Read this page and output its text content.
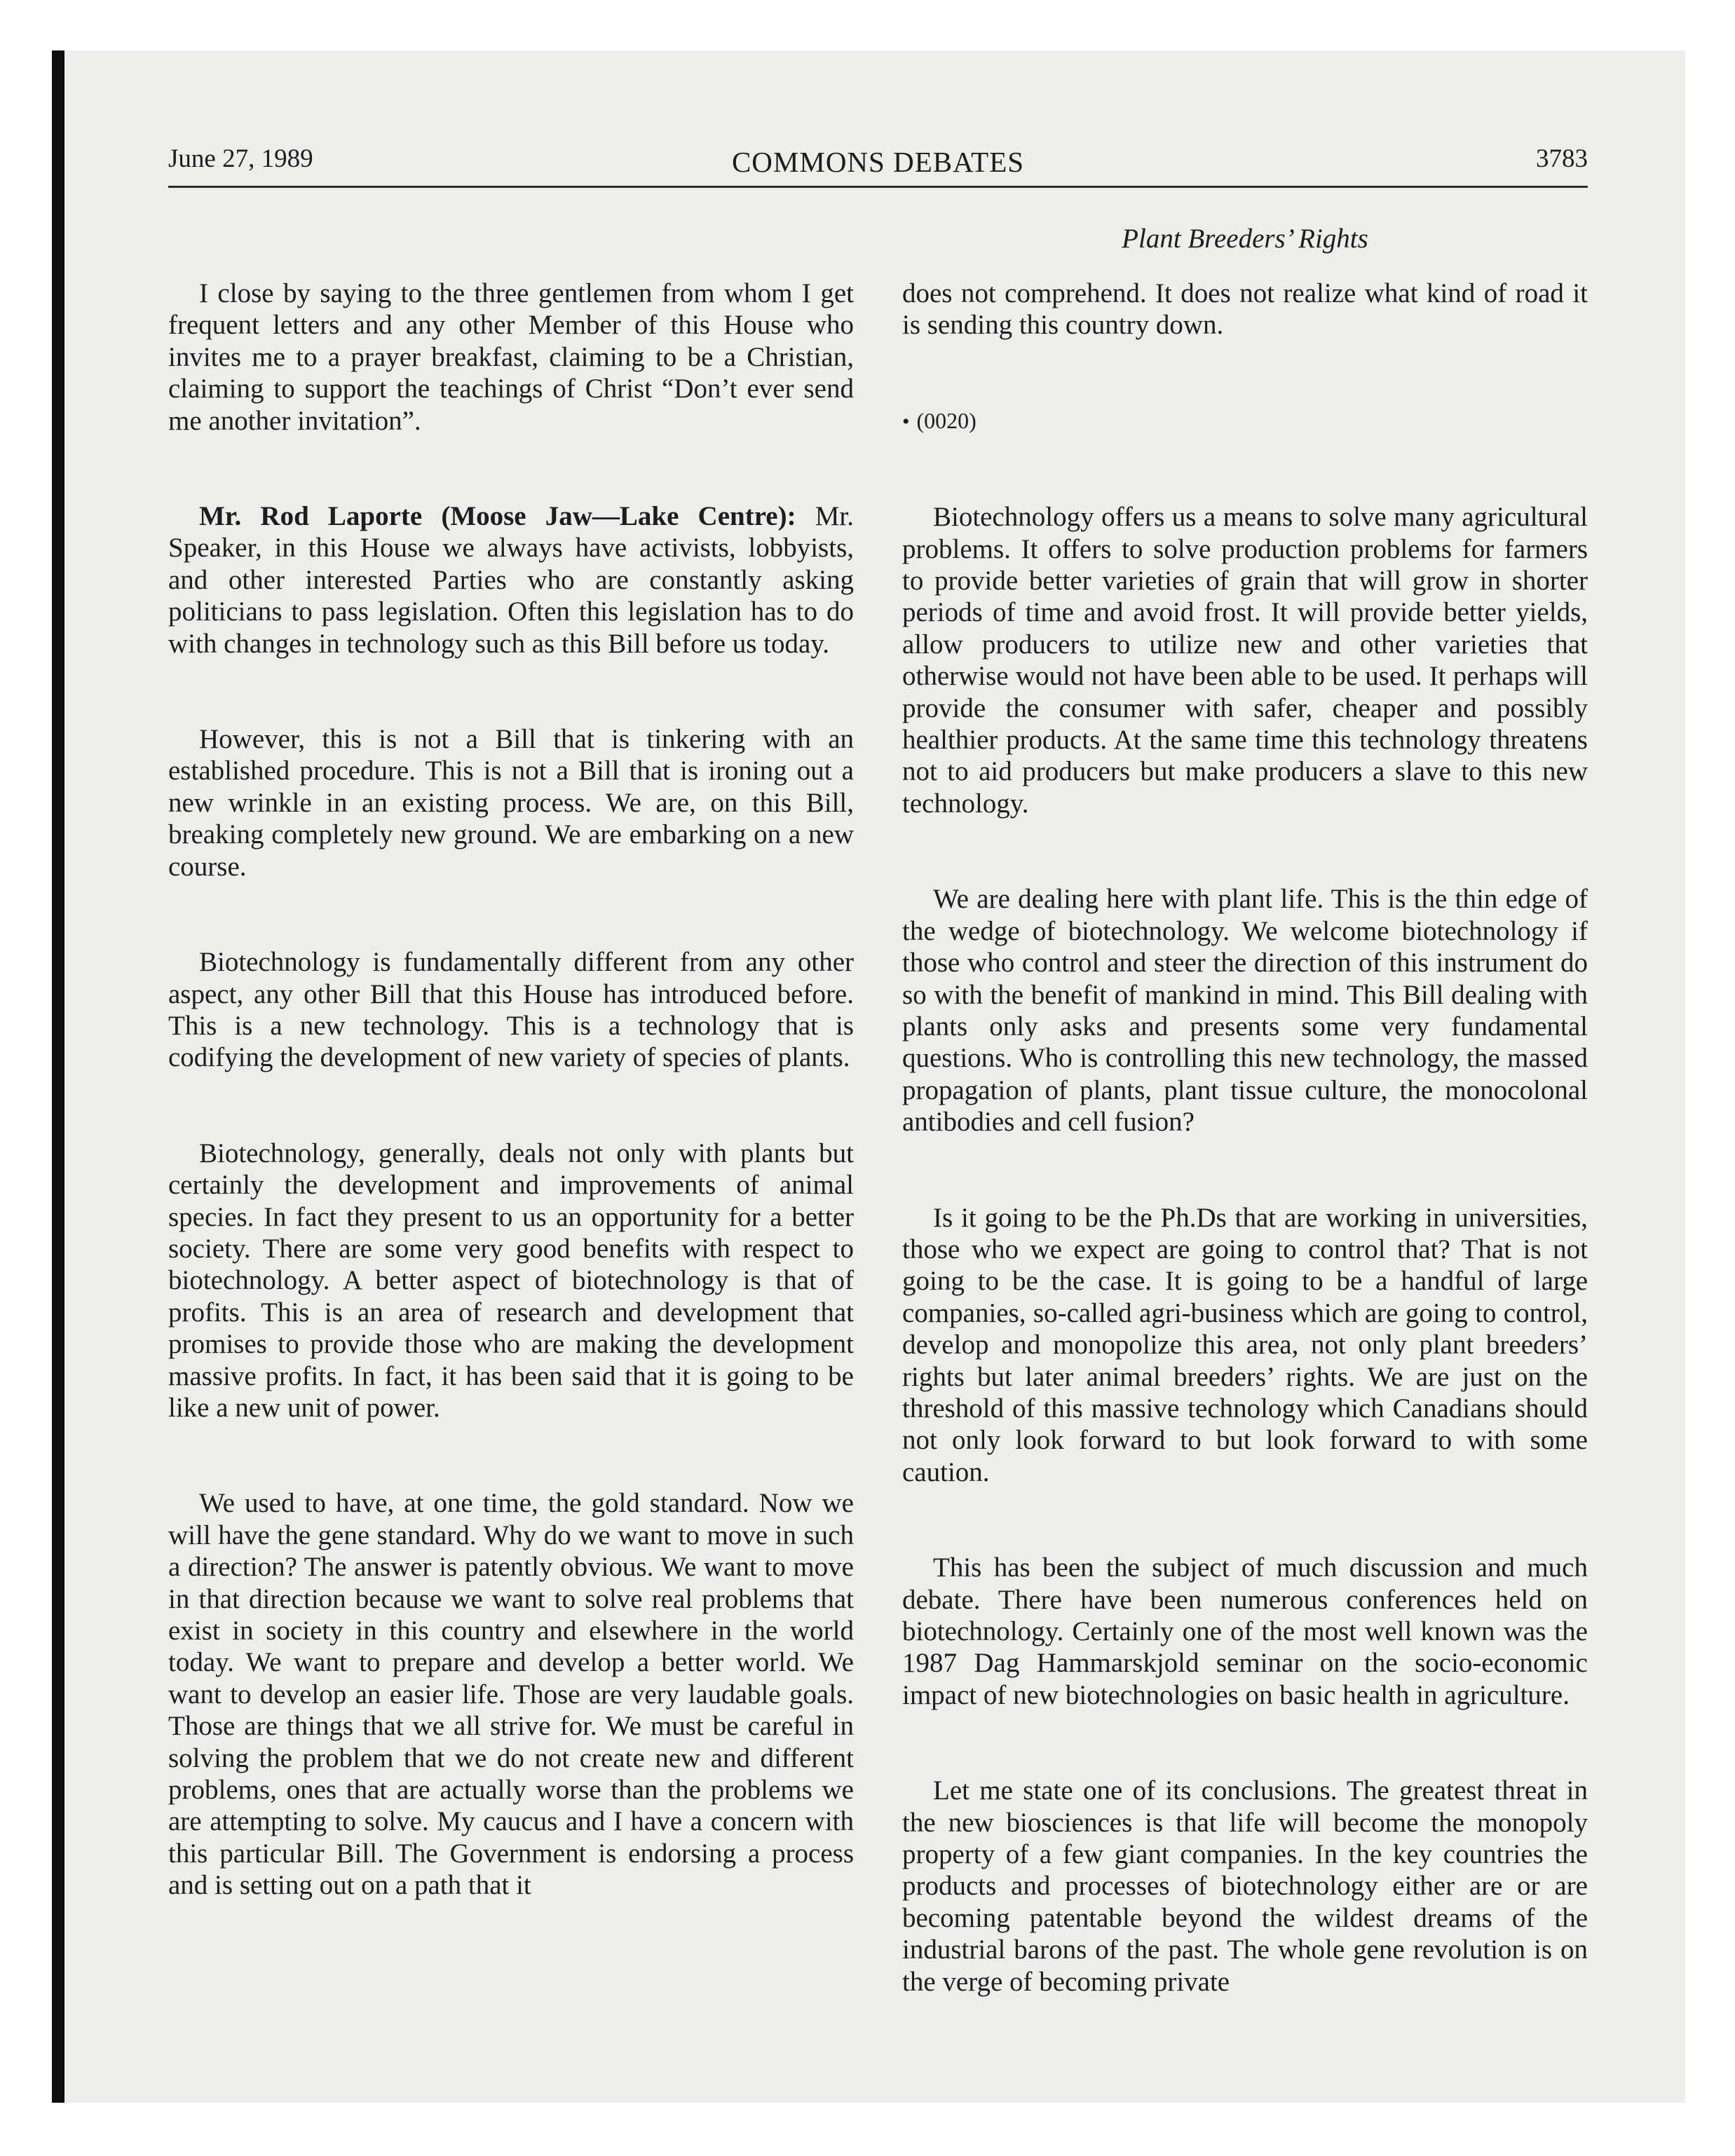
June 27, 1989	COMMONS DEBATES	3783
Plant Breeders’ Rights

I close by saying to the three gentlemen from whom I get frequent letters and any other Member of this House who invites me to a prayer breakfast, claiming to be a Christian, claiming to support the teachings of Christ “Don’t ever send me another invitation”.

Mr. Rod Laporte (Moose Jaw—Lake Centre): Mr. Speaker, in this House we always have activists, lobbyists, and other interested Parties who are constantly asking politicians to pass legislation. Often this legislation has to do with changes in technology such as this Bill before us today.

However, this is not a Bill that is tinkering with an established procedure. This is not a Bill that is ironing out a new wrinkle in an existing process. We are, on this Bill, breaking completely new ground. We are embarking on a new course.

Biotechnology is fundamentally different from any other aspect, any other Bill that this House has introduced before. This is a new technology. This is a technology that is codifying the development of new variety of species of plants.

Biotechnology, generally, deals not only with plants but certainly the development and improvements of animal species. In fact they present to us an opportunity for a better society. There are some very good benefits with respect to biotechnology. A better aspect of biotechnology is that of profits. This is an area of research and development that promises to provide those who are making the development massive profits. In fact, it has been said that it is going to be like a new unit of power.

We used to have, at one time, the gold standard. Now we will have the gene standard. Why do we want to move in such a direction? The answer is patently obvious. We want to move in that direction because we want to solve real problems that exist in society in this country and elsewhere in the world today. We want to prepare and develop a better world. We want to develop an easier life. Those are very laudable goals. Those are things that we all strive for. We must be careful in solving the problem that we do not create new and different problems, ones that are actually worse than the problems we are attempting to solve. My caucus and I have a concern with this particular Bill. The Government is endorsing a process and is setting out on a path that it

does not comprehend. It does not realize what kind of road it is sending this country down.

• (0020)

Biotechnology offers us a means to solve many agricultural problems. It offers to solve production problems for farmers to provide better varieties of grain that will grow in shorter periods of time and avoid frost. It will provide better yields, allow producers to utilize new and other varieties that otherwise would not have been able to be used. It perhaps will provide the consumer with safer, cheaper and possibly healthier products. At the same time this technology threatens not to aid producers but make producers a slave to this new technology.

We are dealing here with plant life. This is the thin edge of the wedge of biotechnology. We welcome biotechnology if those who control and steer the direction of this instrument do so with the benefit of mankind in mind. This Bill dealing with plants only asks and presents some very fundamental questions. Who is controlling this new technology, the massed propagation of plants, plant tissue culture, the monocolonal antibodies and cell fusion?

Is it going to be the Ph.Ds that are working in universities, those who we expect are going to control that? That is not going to be the case. It is going to be a handful of large companies, so-called agri-business which are going to control, develop and monopolize this area, not only plant breeders’ rights but later animal breeders’ rights. We are just on the threshold of this massive technology which Canadians should not only look forward to but look forward to with some caution.

This has been the subject of much discussion and much debate. There have been numerous conferences held on biotechnology. Certainly one of the most well known was the 1987 Dag Hammarskjold seminar on the socio-economic impact of new biotechnologies on basic health in agriculture.

Let me state one of its conclusions. The greatest threat in the new biosciences is that life will become the monopoly property of a few giant companies. In the key countries the products and processes of biotechnology either are or are becoming patentable beyond the wildest dreams of the industrial barons of the past. The whole gene revolution is on the verge of becoming private
